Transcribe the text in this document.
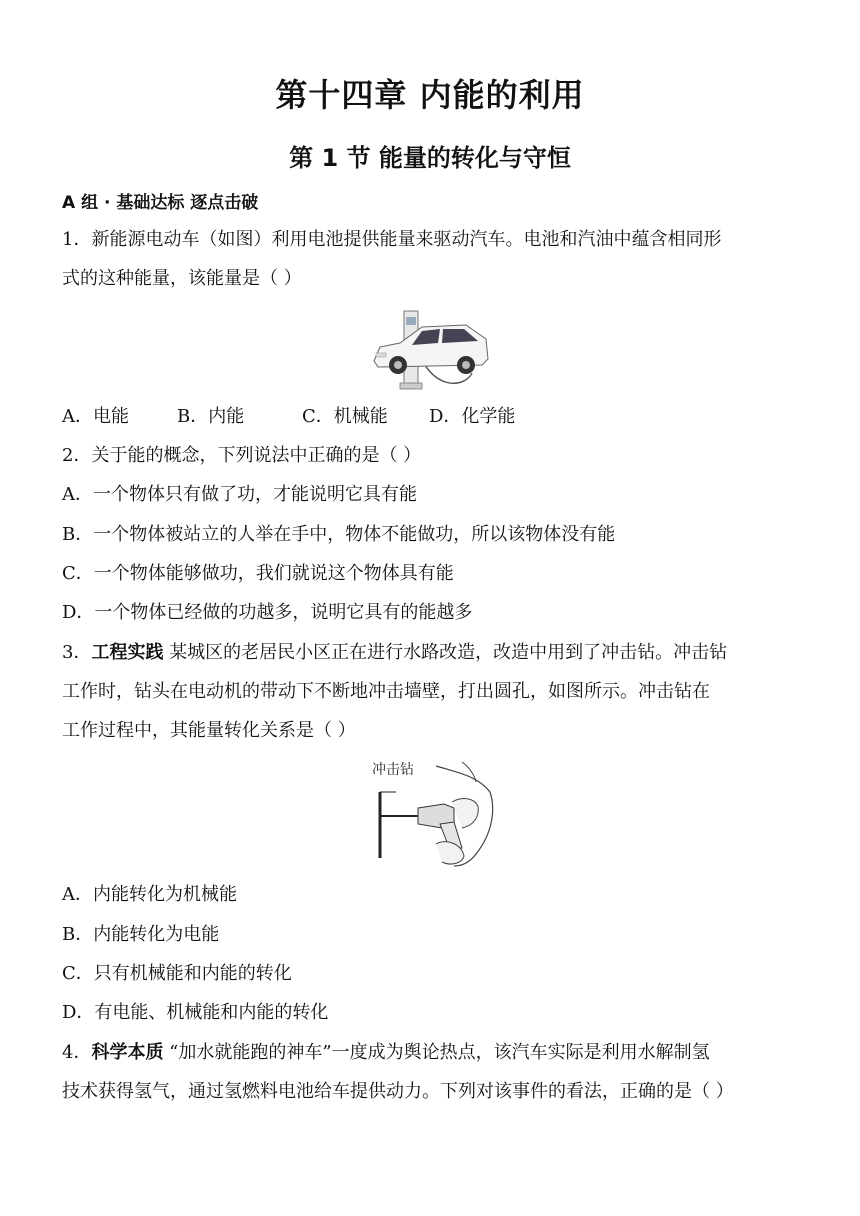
第十四章 内能的利用
第 1 节 能量的转化与守恒
A 组 · 基础达标 逐点击破
1．新能源电动车（如图）利用电池提供能量来驱动汽车。电池和汽油中蕴含相同形
式的这种能量，该能量是（ ）
A．电能	B．内能	C．机械能 D．化学能
2．关于能的概念，下列说法中正确的是（ ）
A．一个物体只有做了功，才能说明它具有能
B．一个物体被站立的人举在手中，物体不能做功，所以该物体没有能
C．一个物体能够做功，我们就说这个物体具有能
D．一个物体已经做的功越多，说明它具有的能越多
3．工程实践 某城区的老居民小区正在进行水路改造，改造中用到了冲击钻。冲击钻
工作时，钻头在电动机的带动下不断地冲击墙壁，打出圆孔，如图所示。冲击钻在
工作过程中，其能量转化关系是（ ）
冲击钻
A．内能转化为机械能
B．内能转化为电能
C．只有机械能和内能的转化
D．有电能、机械能和内能的转化
4．科学本质 “加水就能跑的神车”一度成为舆论热点，该汽车实际是利用水解制氢
技术获得氢气，通过氢燃料电池给车提供动力。下列对该事件的看法，正确的是（ ）
